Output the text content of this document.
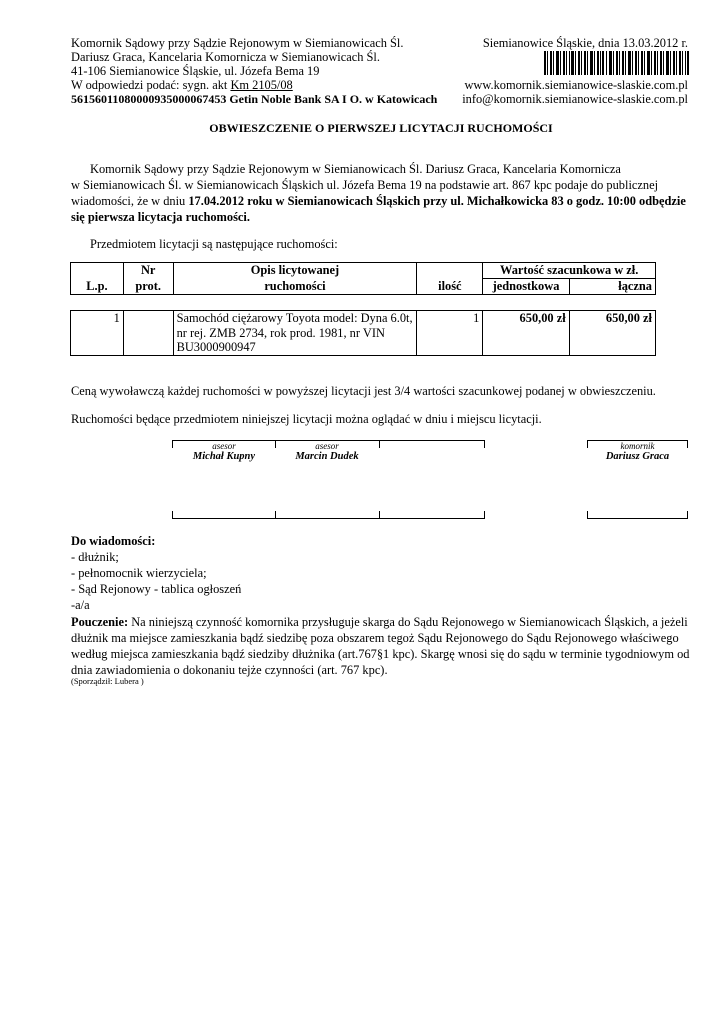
Komornik Sądowy przy Sądzie Rejonowym w Siemianowicach Śl.
Dariusz Graca, Kancelaria Komornicza w Siemianowicach Śl.
41-106 Siemianowice Śląskie, ul. Józefa Bema 19
W odpowiedzi podać: sygn. akt Km 2105/08
56156011080000935000067453 Getin Noble Bank SA I O. w Katowicach
Siemianowice Śląskie, dnia 13.03.2012 r.
www.komornik.siemianowice-slaskie.com.pl
info@komornik.siemianowice-slaskie.com.pl
OBWIESZCZENIE O PIERWSZEJ LICYTACJI RUCHOMOŚCI
Komornik Sądowy przy Sądzie Rejonowym w Siemianowicach Śl. Dariusz Graca, Kancelaria Komornicza
w Siemianowicach Śl. w Siemianowicach Śląskich ul. Józefa Bema 19 na podstawie art. 867 kpc podaje do publicznej
wiadomości, że w dniu 17.04.2012 roku w Siemianowicach Śląskich przy ul. Michałkowicka 83 o godz. 10:00 odbędzie
się pierwsza licytacja ruchomości.
Przedmiotem licytacji są następujące ruchomości:
L.p.	Nr	Opis licytowanej	ilość	Wartość szacunkowa w zł.	
	prot.	ruchomości		jednostkowa	łączna
1		Samochód ciężarowy Toyota model: Dyna 6.0t, nr rej. ZMB 2734, rok prod. 1981, nr VIN BU3000900947	1	650,00 zł	650,00 zł
Ceną wywoławczą każdej ruchomości w powyższej licytacji jest 3/4 wartości szacunkowej podanej w obwieszczeniu.
Ruchomości będące przedmiotem niniejszej licytacji można oglądać w dniu i miejscu licytacji.
asesor
Michał Kupny
asesor
Marcin Dudek
komornik
Dariusz Graca
Do wiadomości:
- dłużnik;
- pełnomocnik wierzyciela;
- Sąd Rejonowy - tablica ogłoszeń
-a/a
Pouczenie: Na niniejszą czynność komornika przysługuje skarga do Sądu Rejonowego w Siemianowicach Śląskich, a jeżeli dłużnik ma miejsce zamieszkania bądź siedzibę poza obszarem tegoż Sądu Rejonowego do Sądu Rejonowego właściwego według miejsca zamieszkania bądź siedziby dłużnika (art.767§1 kpc). Skargę wnosi się do sądu w terminie tygodniowym od dnia zawiadomienia o dokonaniu tejże czynności (art. 767 kpc).
(Sporządził: Lubera )
